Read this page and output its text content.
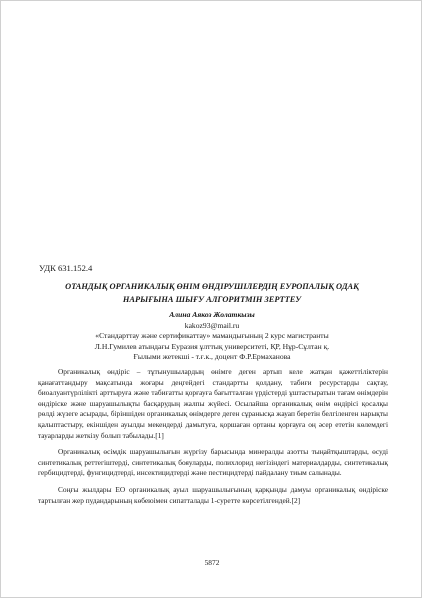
УДК 631.152.4
ОТАНДЫҚ ОРГАНИКАЛЫҚ ӨНІМ ӨНДІРУШІЛЕРДІҢ ЕУРОПАЛЫҚ ОДАҚ
НАРЫҒЫНА ШЫҒУ АЛГОРИТМІН ЗЕРТТЕУ
Алина Аякоз Жолаткызы
kakoz93@mail.ru
«Стандарттау және сертификаттау» мамандығының 2 курс магистранты
Л.Н.Гумилев атындағы Еуразия ұлттық университеті, ҚР, Нұр-Сұлтан қ.
Ғылыми жетекші - т.ғ.к., доцент Ф.Р.Ермаханова

Органикалық өндіріс – тұтынушылардың өнімге деген артып келе жатқан қажеттіліктерін қанағаттандыру мақсатында жоғары деңгейдегі стандартты қолдану, табиғи ресурстарды сақтау, биоалуантүрлілікті арттыруға және табиғатты қорғауға бағытталған үрдістерді ұштастыратын тағам өнімдерін өндіріске және шаруашылықты басқарудың жалпы жүйесі. Осылайша органикалық өнім өндірісі қосалқы рөлді жүзеге асырады, біріншіден органикалық өнімдерге деген сұранысқа жауап беретін белгіленген нарықты қалыптастыру, екіншіден ауылды мекендерді дамытуға, қоршаған ортаны қорғауға оң әсер ететін көлемдегі тауарларды жеткізу болып табылады.[1]

Органикалық өсімдік шаруашылығын жүргізу барысында минералды азотты тыңайтқыштарды, өсуді синтетикалық реттегіштерді, синтетикалық бояуларды, полихлорид негізіндегі материалдарды, синтетикалық гербицидтерді, фунгицидтерді, инсектицидтерді және пестицидтерді пайдалану тиым салынады.

Соңғы жылдары ЕО органикалық ауыл шаруашылығының қарқынды дамуы органикалық өндіріске тартылған жер пудандарының көбеюімен сипатталады 1-суретте көрсетілгендей.[2]

5872
